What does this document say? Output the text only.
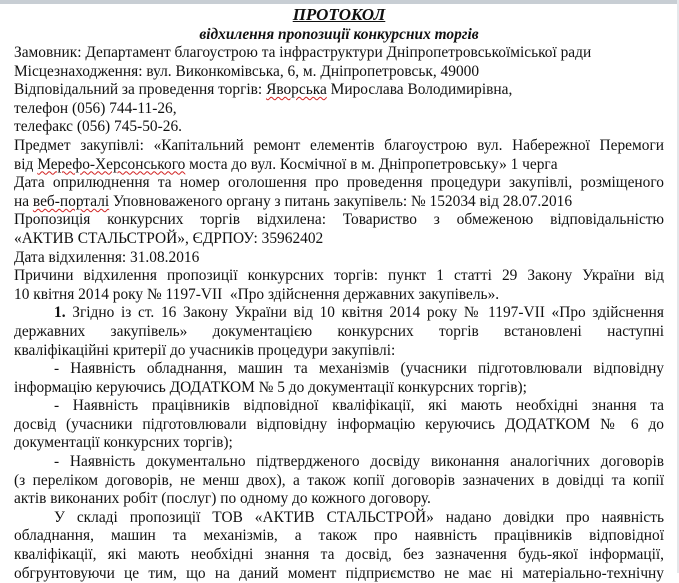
ПРОТОКОЛ
відхилення пропозиції конкурсних торгів
Замовник: Департамент благоустрою та інфраструктури Дніпропетровськоїміської ради
Місцезнаходження: вул. Виконкомівська, 6, м. Дніпропетровськ, 49000
Відповідальний за проведення торгів: Яворська Мирослава Володимирівна,
телефон (056) 744-11-26,
телефакс (056) 745-50-26.
Предмет закупівлі: «Капітальний ремонт елементів благоустрою вул. Набережної Перемоги
від Мерефо-Херсонського моста до вул. Космічної в м. Дніпропетровську» 1 черга
Дата оприлюднення та номер оголошення про проведення процедури закупівлі, розміщеного
на веб-порталі Уповноваженого органу з питань закупівель: № 152034 від 28.07.2016
Пропозиція конкурсних торгів відхилена: Товариство з обмеженою відповідальністю
«АКТИВ СТАЛЬСТРОЙ», ЄДРПОУ: 35962402
Дата відхилення: 31.08.2016
Причини відхилення пропозиції конкурсних торгів: пункт 1 статті 29 Закону України від
10 квітня 2014 року № 1197-VII  «Про здійснення державних закупівель».
1. Згідно із ст. 16 Закону України від 10 квітня 2014 року № 1197-VII «Про здійснення
державних закупівель» документацією конкурсних торгів встановлені наступні
кваліфікаційні критерії до учасників процедури закупівлі:
- Наявність обладнання, машин та механізмів (учасники підготовлювали відповідну
інформацію керуючись ДОДАТКОМ № 5 до документації конкурсних торгів);
- Наявність працівників відповідної кваліфікації, які мають необхідні знання та
досвід (учасники підготовлювали відповідну інформацію керуючись ДОДАТКОМ № 6 до
документації конкурсних торгів);
- Наявність документально підтвердженого досвіду виконання аналогічних договорів
(з переліком договорів, не менш двох), а також копії договорів зазначених в довідці та копії
актів виконаних робіт (послуг) по одному до кожного договору.
У складі пропозиції ТОВ «АКТИВ СТАЛЬСТРОЙ» надано довідки про наявність
обладнання, машин та механізмів, а також про наявність працівників відповідної
кваліфікації, які мають необхідні знання та досвід, без зазначення будь-якої інформації,
обгрунтовуючи це тим, що на даний момент підприємство не має ні матеріально-технічну
